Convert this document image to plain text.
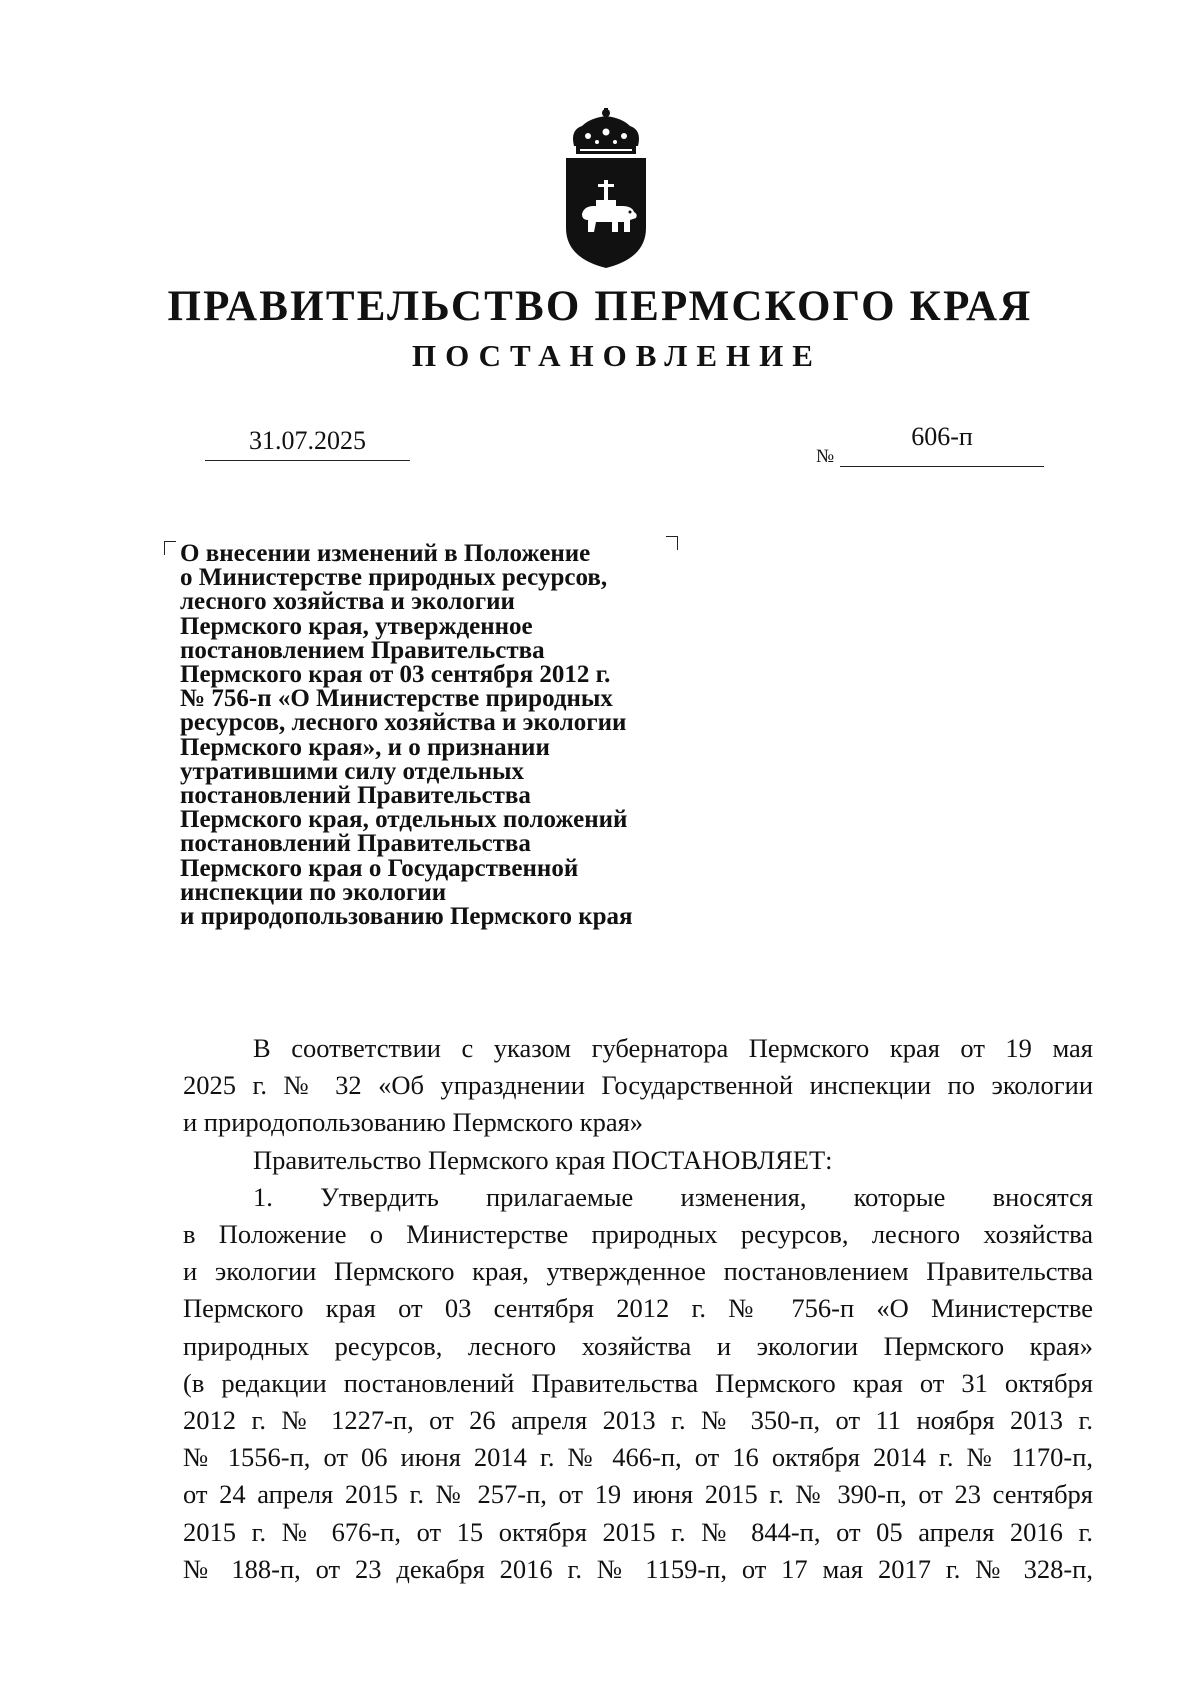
ПРАВИТЕЛЬСТВО ПЕРМСКОГО КРАЯ
ПОСТАНОВЛЕНИЕ
31.07.2025
№
606-п
О внесении изменений в Положение
о Министерстве природных ресурсов,
лесного хозяйства и экологии
Пермского края, утвержденное
постановлением Правительства
Пермского края от 03 сентября 2012 г.
№ 756-п «О Министерстве природных
ресурсов, лесного хозяйства и экологии
Пермского края», и о признании
утратившими силу отдельных
постановлений Правительства
Пермского края, отдельных положений
постановлений Правительства
Пермского края о Государственной
инспекции по экологии
и природопользованию Пермского края
В соответствии с указом губернатора Пермского края от 19 мая
2025 г. № 32 «Об упразднении Государственной инспекции по экологии
и природопользованию Пермского края»
Правительство Пермского края ПОСТАНОВЛЯЕТ:
1. Утвердить прилагаемые изменения, которые вносятся
в Положение о Министерстве природных ресурсов, лесного хозяйства
и экологии Пермского края, утвержденное постановлением Правительства
Пермского края от 03 сентября 2012 г. № 756-п «О Министерстве
природных ресурсов, лесного хозяйства и экологии Пермского края»
(в редакции постановлений Правительства Пермского края от 31 октября
2012 г. № 1227-п, от 26 апреля 2013 г. № 350-п, от 11 ноября 2013 г.
№ 1556-п, от 06 июня 2014 г. № 466-п, от 16 октября 2014 г. № 1170-п,
от 24 апреля 2015 г. № 257-п, от 19 июня 2015 г. № 390-п, от 23 сентября
2015 г. № 676-п, от 15 октября 2015 г. № 844-п, от 05 апреля 2016 г.
№ 188-п, от 23 декабря 2016 г. № 1159-п, от 17 мая 2017 г. № 328-п,
